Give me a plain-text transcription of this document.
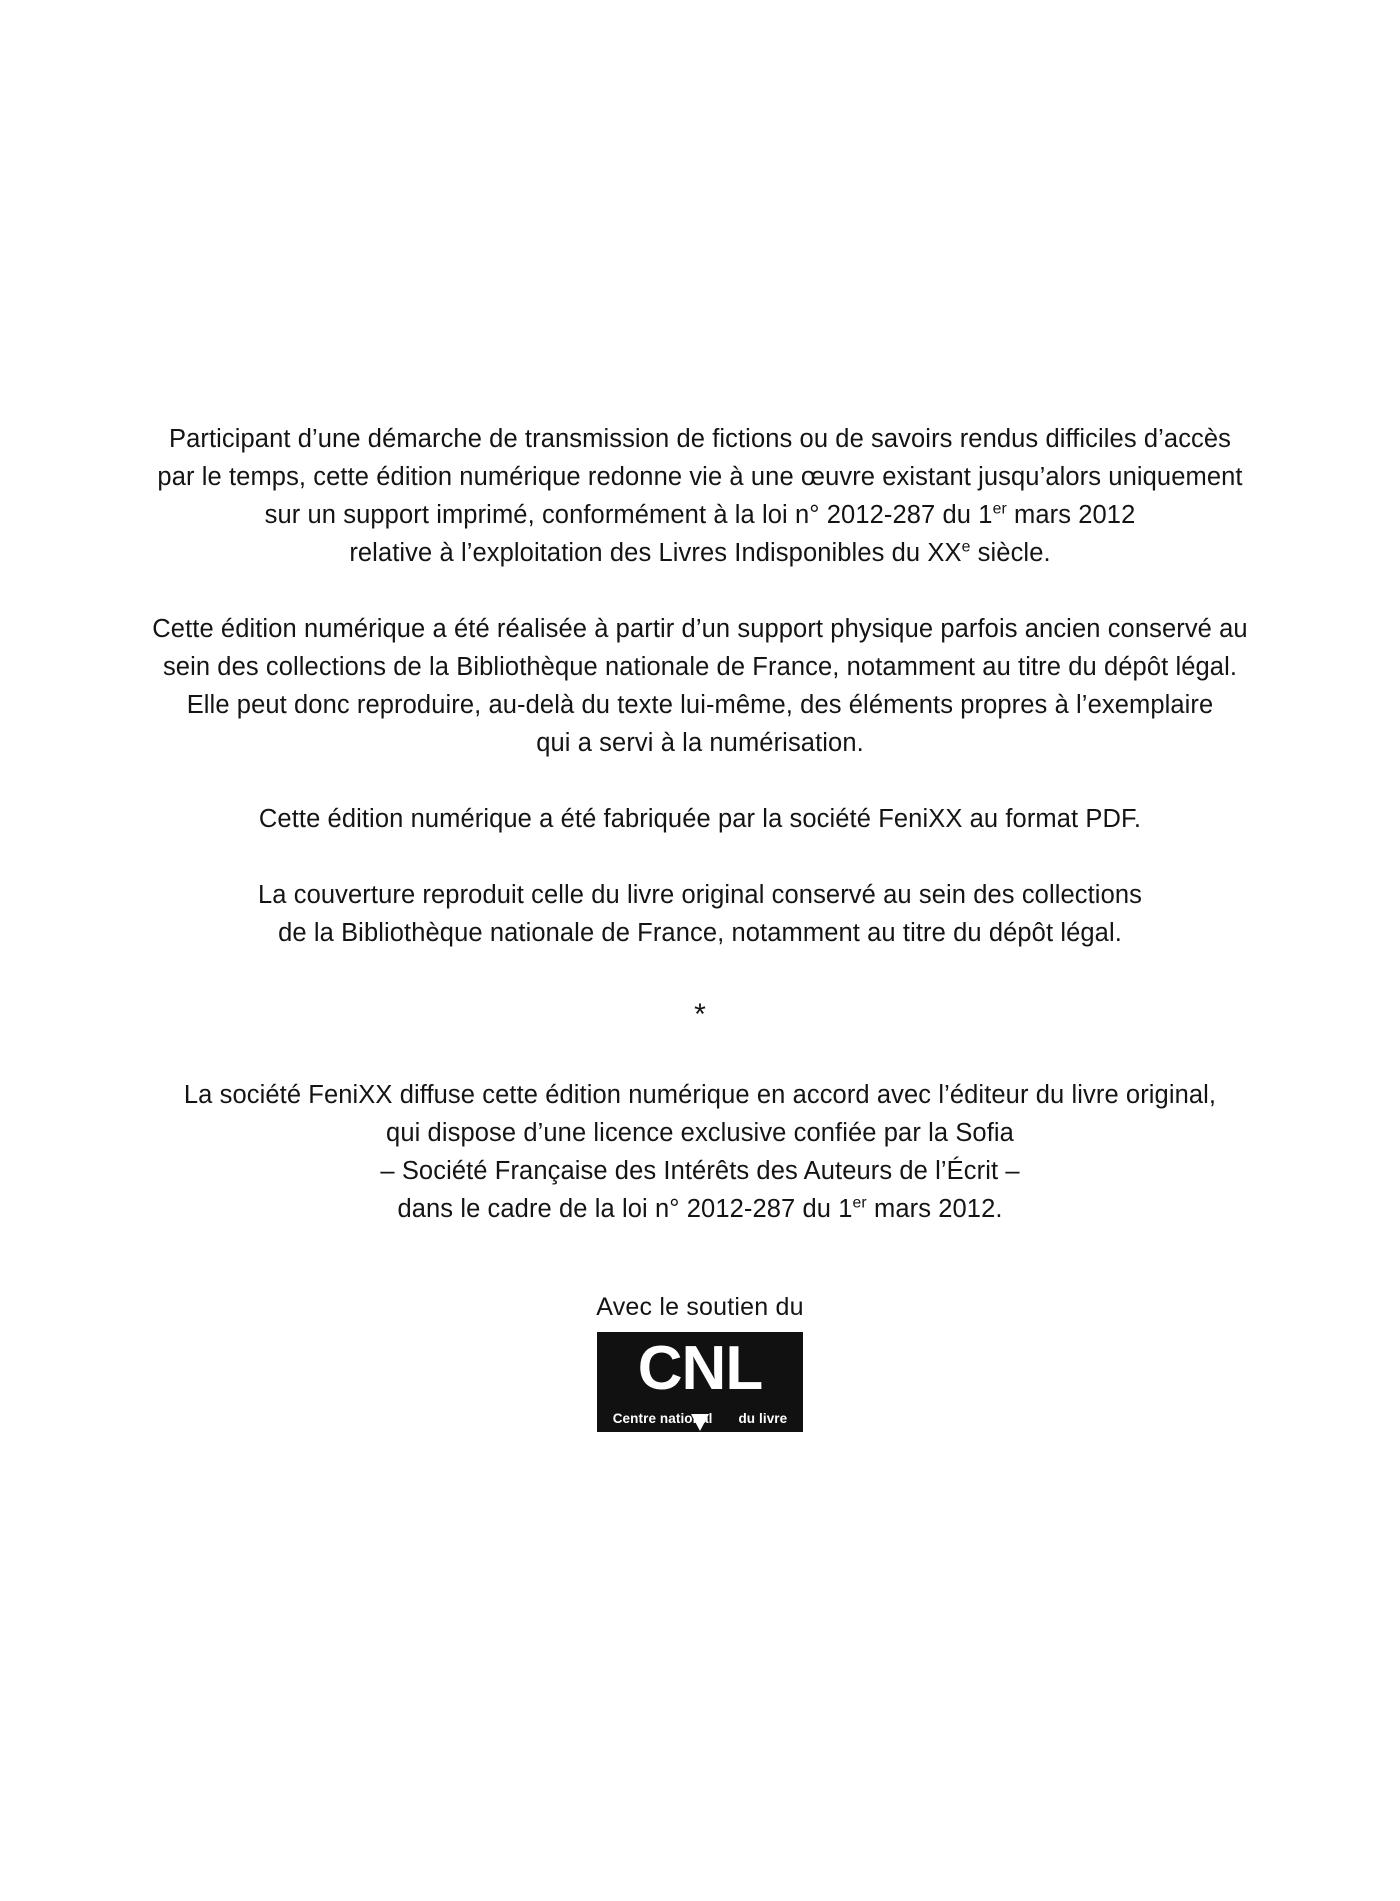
Participant d’une démarche de transmission de fictions ou de savoirs rendus difficiles d’accès
par le temps, cette édition numérique redonne vie à une œuvre existant jusqu’alors uniquement
sur un support imprimé, conformément à la loi n° 2012-287 du 1er mars 2012
relative à l’exploitation des Livres Indisponibles du XXe siècle.
Cette édition numérique a été réalisée à partir d’un support physique parfois ancien conservé au
sein des collections de la Bibliothèque nationale de France, notamment au titre du dépôt légal.
Elle peut donc reproduire, au-delà du texte lui-même, des éléments propres à l’exemplaire
qui a servi à la numérisation.
Cette édition numérique a été fabriquée par la société FeniXX au format PDF.
La couverture reproduit celle du livre original conservé au sein des collections
de la Bibliothèque nationale de France, notamment au titre du dépôt légal.
*
La société FeniXX diffuse cette édition numérique en accord avec l’éditeur du livre original,
qui dispose d’une licence exclusive confiée par la Sofia
– Société Française des Intérêts des Auteurs de l’Écrit –
dans le cadre de la loi n° 2012-287 du 1er mars 2012.
Avec le soutien du
CNL
Centre national du livre
